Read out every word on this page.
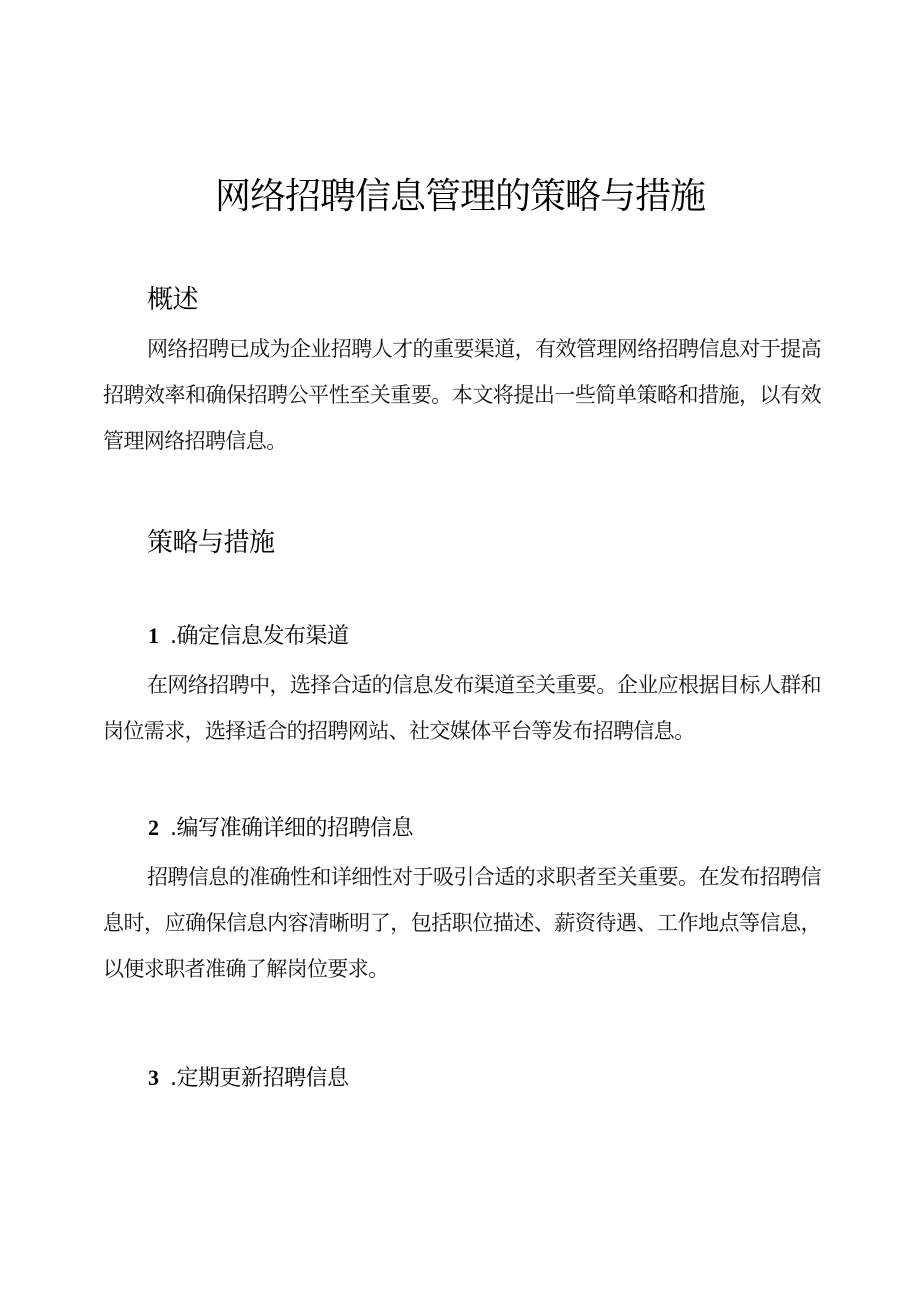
网络招聘信息管理的策略与措施
概述

网络招聘已成为企业招聘人才的重要渠道，有效管理网络招聘信息对于提高招聘效率和确保招聘公平性至关重要。本文将提出一些简单策略和措施，以有效管理网络招聘信息。

策略与措施
1 .确定信息发布渠道

在网络招聘中，选择合适的信息发布渠道至关重要。企业应根据目标人群和岗位需求，选择适合的招聘网站、社交媒体平台等发布招聘信息。

2 .编写准确详细的招聘信息

招聘信息的准确性和详细性对于吸引合适的求职者至关重要。在发布招聘信息时，应确保信息内容清晰明了，包括职位描述、薪资待遇、工作地点等信息，以便求职者准确了解岗位要求。

3 .定期更新招聘信息
